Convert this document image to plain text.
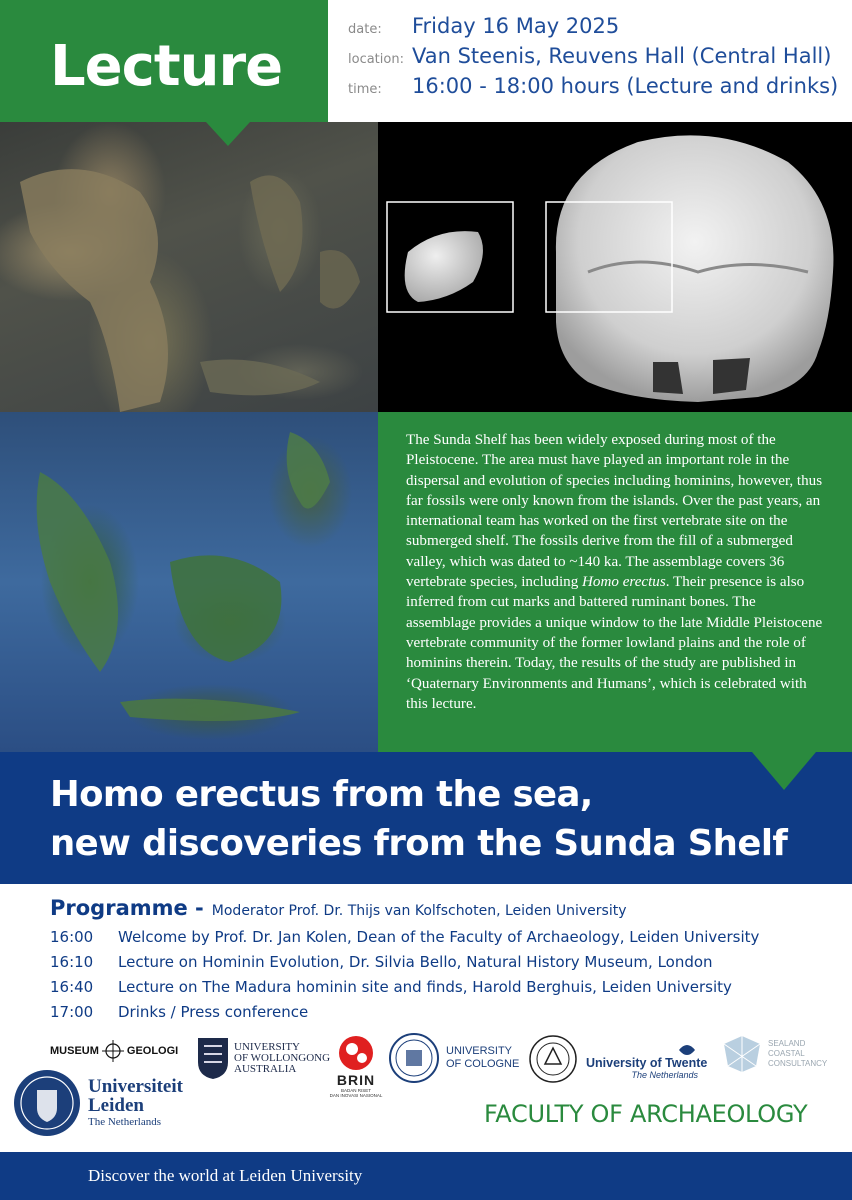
Lecture
date:	Friday 16 May 2025
location: Van Steenis, Reuvens Hall (Central Hall)
time:	16:00 - 18:00 hours (Lecture and drinks)

The Sunda Shelf has been widely exposed during most of the Pleistocene. The area must have played an important role in the dispersal and evolution of species including hominins, however, thus far fossils were only known from the islands. Over the past years, an international team has worked on the first vertebrate site on the submerged shelf. The fossils derive from the fill of a submerged valley, which was dated to ~140 ka. The assemblage covers 36 vertebrate species, including Homo erectus. Their presence is also inferred from cut marks and battered ruminant bones. The assemblage provides a unique window to the late Middle Pleistocene vertebrate community of the former lowland plains and the role of hominins therein. Today, the results of the study are published in ‘Quaternary Environments and Humans’, which is celebrated with this lecture.

Homo erectus from the sea,
new discoveries from the Sunda Shelf
Programme - Moderator Prof. Dr. Thijs van Kolfschoten, Leiden University
16:00	Welcome by Prof. Dr. Jan Kolen, Dean of the Faculty of Archaeology, Leiden University
16:10	Lecture on Hominin Evolution, Dr. Silvia Bello, Natural History Museum, London
16:40	Lecture on The Madura hominin site and finds, Harold Berghuis, Leiden University
17:00	Drinks / Press conference
MUSEUM	GEOLOGI	UNIVERSITY
OF WOLLONGONG
AUSTRALIA
BRIN
BADAN RISET
DAN INOVASI NASIONAL
UNIVERSITY
OF COLOGNE	University of Twente
The Netherlands
SEALAND
COASTAL
CONSULTANCY
Universiteit
Leiden
The Netherlands	FACULTY OF ARCHAEOLOGY
Discover the world at Leiden University
